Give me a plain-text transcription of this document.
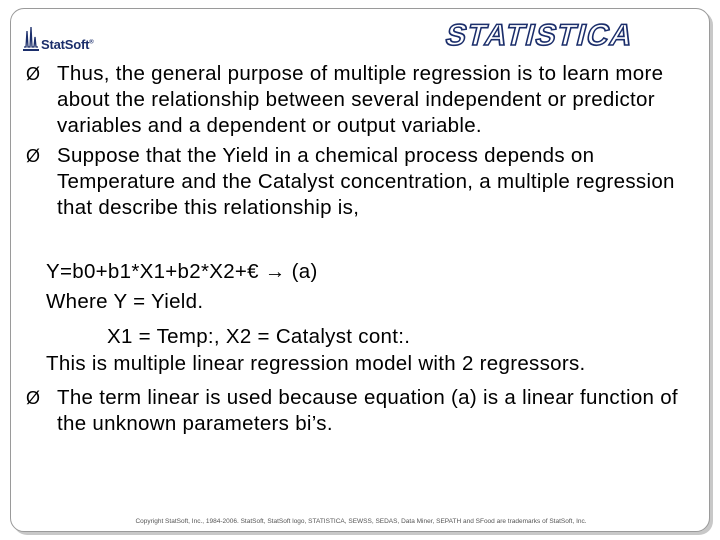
StatSoft®	STATISTICA
Ø Thus, the general purpose of multiple regression is to learn more about the relationship between several independent or predictor variables and a dependent or output variable.
Ø Suppose that the Yield in a chemical process depends on Temperature and the Catalyst concentration, a multiple regression that describe this relationship is,
Y=b0+b1*X1+b2*X2+€ → (a)
Where Y = Yield.
X1 = Temp:, X2 = Catalyst cont:.
This is multiple linear regression model with 2 regressors.
Ø The term linear is used because equation (a) is a linear function of the unknown parameters bi’s.
Copyright StatSoft, Inc., 1984-2006. StatSoft, StatSoft logo, STATISTICA, SEWSS, SEDAS, Data Miner, SEPATH and SFood are trademarks of StatSoft, Inc.
